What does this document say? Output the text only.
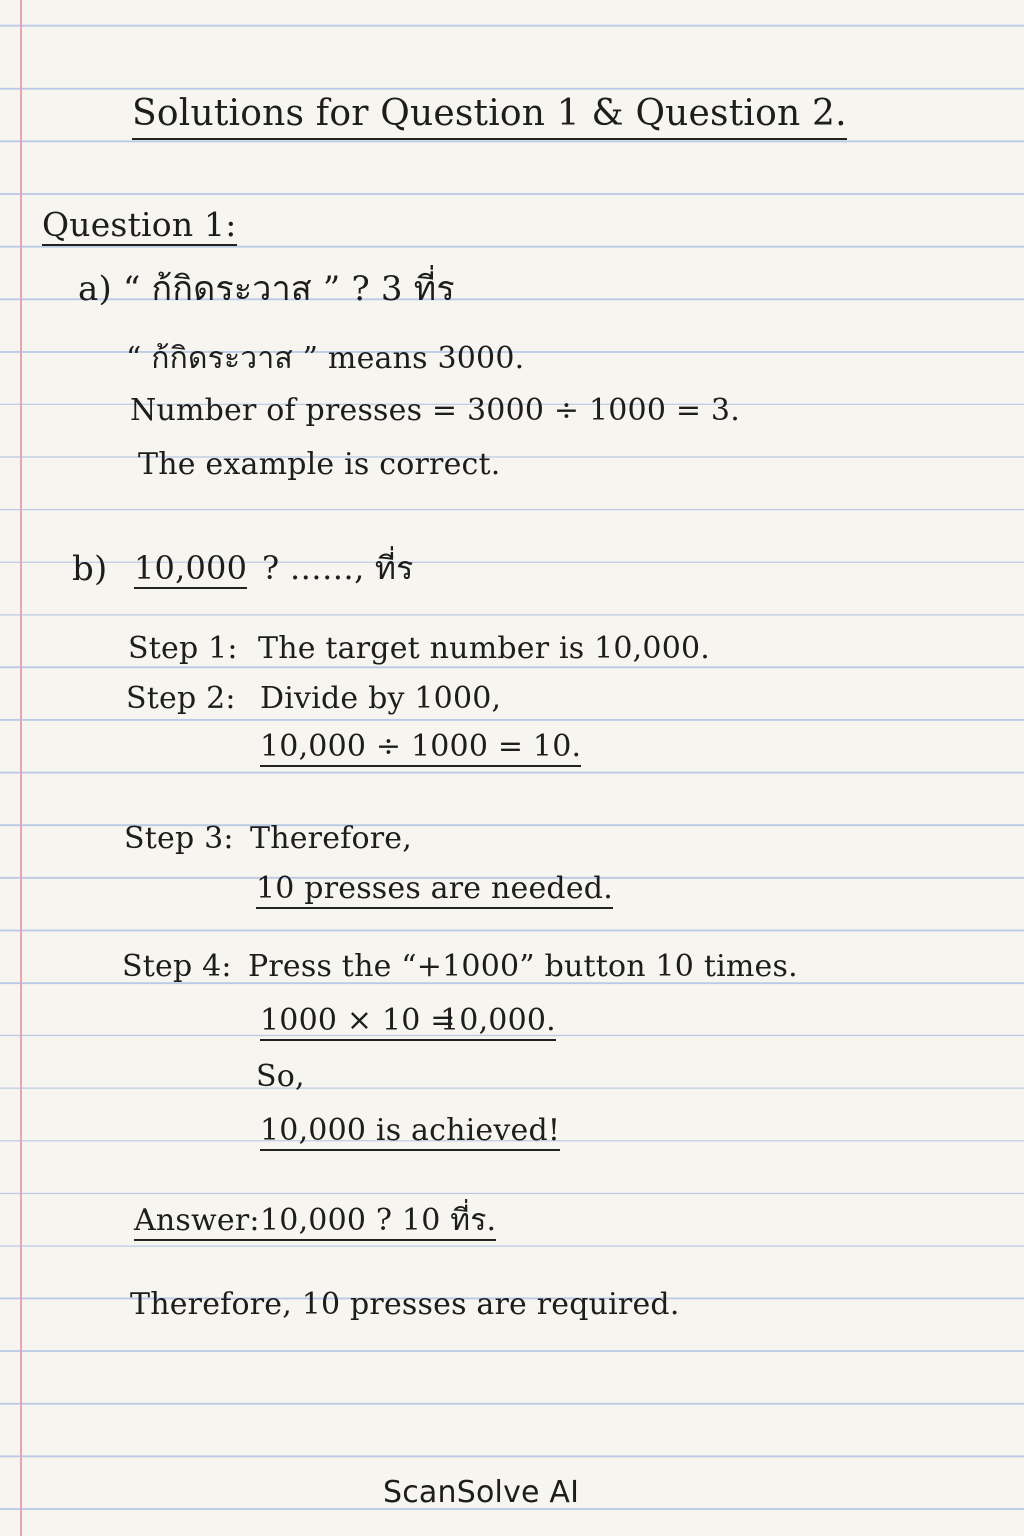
Solutions for Question 1 & Question 2.
Question 1:
a) “ ก้กิดระวาส ” ? 3 ที่ร
“ ก้กิดระวาส ” means 3000.
Number of presses = 3000 ÷ 1000 = 3.
The example is correct.
b) 10,000 ? ……, ที่ร
Step 1: The target number is 10,000.
Step 2: Divide by 1000,
10,000 ÷ 1000 = 10.
Step 3: Therefore,
10 presses are needed.
Step 4: Press the “+1000” button 10 times.
1000 × 10 =
10,000.
So,
10,000 is achieved!
Answer: 10,000 ? 10 ที่ร.
Therefore, 10 presses are required.
ScanSolve AI
